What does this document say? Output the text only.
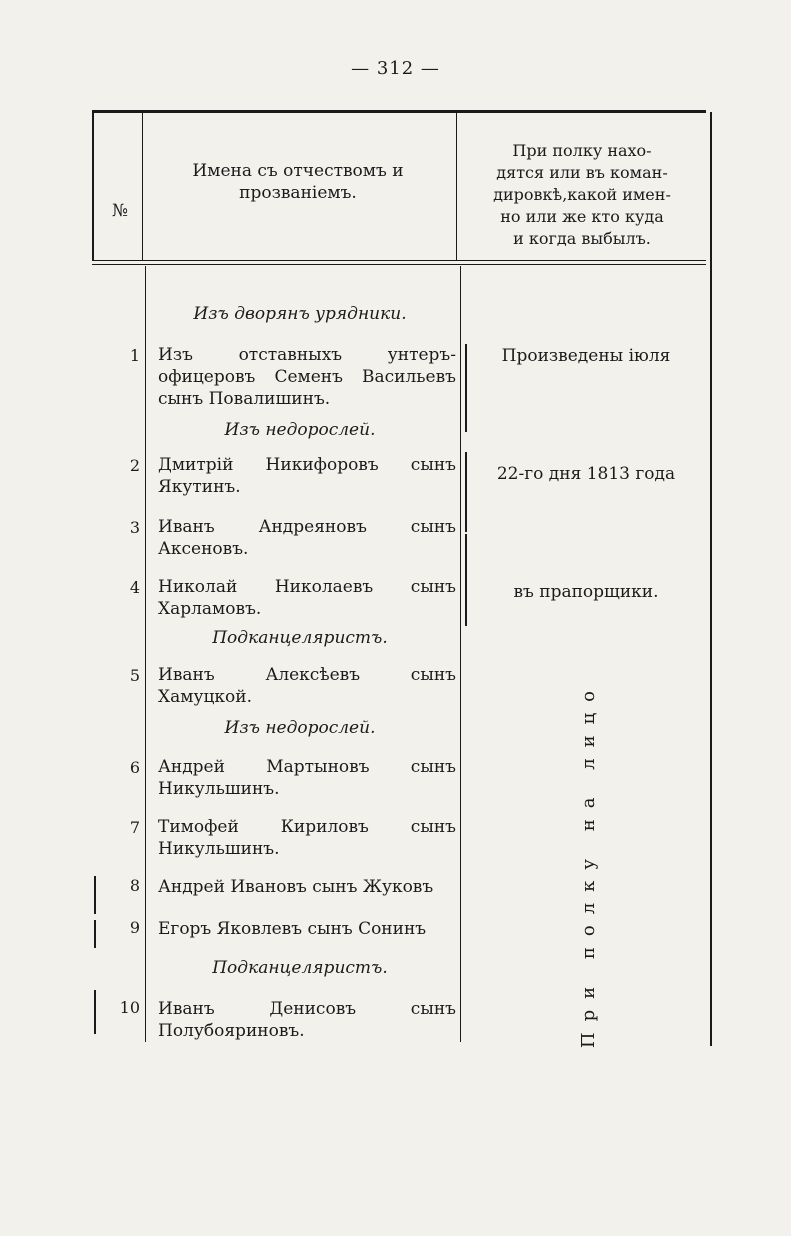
— 312 —
№
Имена съ отчествомъ и прозваніемъ.
При полку нахо-
дятся или въ коман-
дировкѣ,какой имен-
но или же кто куда
и когда выбылъ.
Изъ дворянъ урядники.
1 Изъ отставныхъ унтеръ-офицеровъ Семенъ Васильевъ сынъ Повалишинъ.
Изъ недорослей.
2 Дмитрій Никифоровъ сынъ Якутинъ.
3 Иванъ Андреяновъ сынъ Аксеновъ.
4 Николай Николаевъ сынъ Харламовъ.
Подканцеляристъ.
5 Иванъ Алексѣевъ сынъ Хамуцкой.
Изъ недорослей.
6 Андрей Мартыновъ сынъ Никульшинъ.
7 Тимофей Кириловъ сынъ Никульшинъ.
8 Андрей Ивановъ сынъ Жуковъ
9 Егоръ Яковлевъ сынъ Сонинъ
Подканцеляристъ.
10 Иванъ Денисовъ сынъ Полубояриновъ.
Произведены іюля
22-го дня 1813 года
въ прапорщики.
При полку на лицо
